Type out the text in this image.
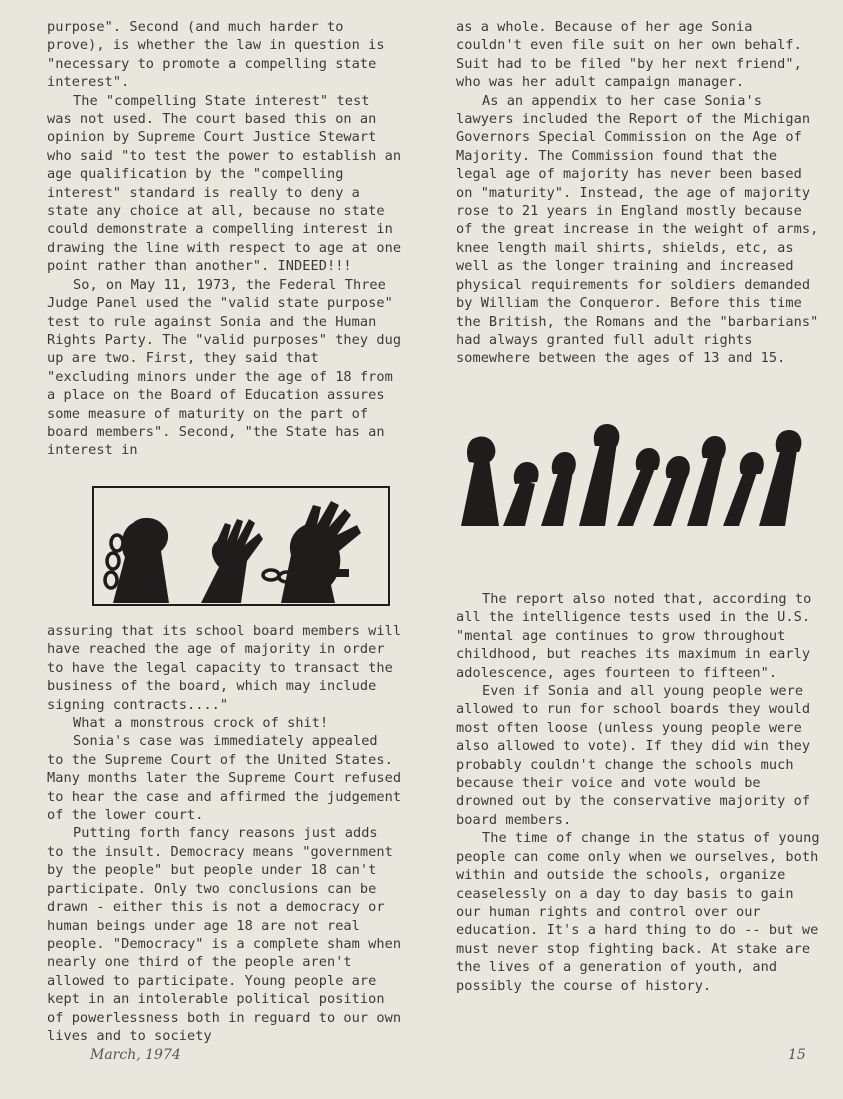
purpose". Second (and much harder to prove), is whether the law in question is "necessary to promote a compelling state interest".

The "compelling State interest" test was not used. The court based this on an opinion by Supreme Court Justice Stewart who said "to test the power to establish an age qualification by the "compelling interest" standard is really to deny a state any choice at all, because no state could demonstrate a compelling interest in drawing the line with respect to age at one point rather than another". INDEED!!!

So, on May 11, 1973, the Federal Three Judge Panel used the "valid state purpose" test to rule against Sonia and the Human Rights Party. The "valid purposes" they dug up are two. First, they said that "excluding minors under the age of 18 from a place on the Board of Education assures some measure of maturity on the part of board members". Second, "the State has an interest in

assuring that its school board members will have reached the age of majority in order to have the legal capacity to transact the business of the board, which may include signing contracts...."

What a monstrous crock of shit!

Sonia's case was immediately appealed to the Supreme Court of the United States. Many months later the Supreme Court refused to hear the case and affirmed the judgement of the lower court.

Putting forth fancy reasons just adds to the insult. Democracy means "government by the people" but people under 18 can't participate. Only two conclusions can be drawn - either this is not a democracy or human beings under age 18 are not real people. "Democracy" is a complete sham when nearly one third of the people aren't allowed to participate. Young people are kept in an intolerable political position of powerlessness both in reguard to our own lives and to society

as a whole. Because of her age Sonia couldn't even file suit on her own behalf. Suit had to be filed "by her next friend", who was her adult campaign manager.

As an appendix to her case Sonia's lawyers included the Report of the Michigan Governors Special Commission on the Age of Majority. The Commission found that the legal age of majority has never been based on "maturity". Instead, the age of majority rose to 21 years in England mostly because of the great increase in the weight of arms, knee length mail shirts, shields, etc, as well as the longer training and increased physical requirements for soldiers demanded by William the Conqueror. Before this time the British, the Romans and the "barbarians" had always granted full adult rights somewhere between the ages of 13 and 15.

The report also noted that, according to all the intelligence tests used in the U.S. "mental age continues to grow throughout childhood, but reaches its maximum in early adolescence, ages fourteen to fifteen".

Even if Sonia and all young people were allowed to run for school boards they would most often loose (unless young people were also allowed to vote). If they did win they probably couldn't change the schools much because their voice and vote would be drowned out by the conservative majority of board members.

The time of change in the status of young people can come only when we ourselves, both within and outside the schools, organize ceaselessly on a day to day basis to gain our human rights and control over our education. It's a hard thing to do -- but we must never stop fighting back. At stake are the lives of a generation of youth, and possibly the course of history.

March, 1974	15
